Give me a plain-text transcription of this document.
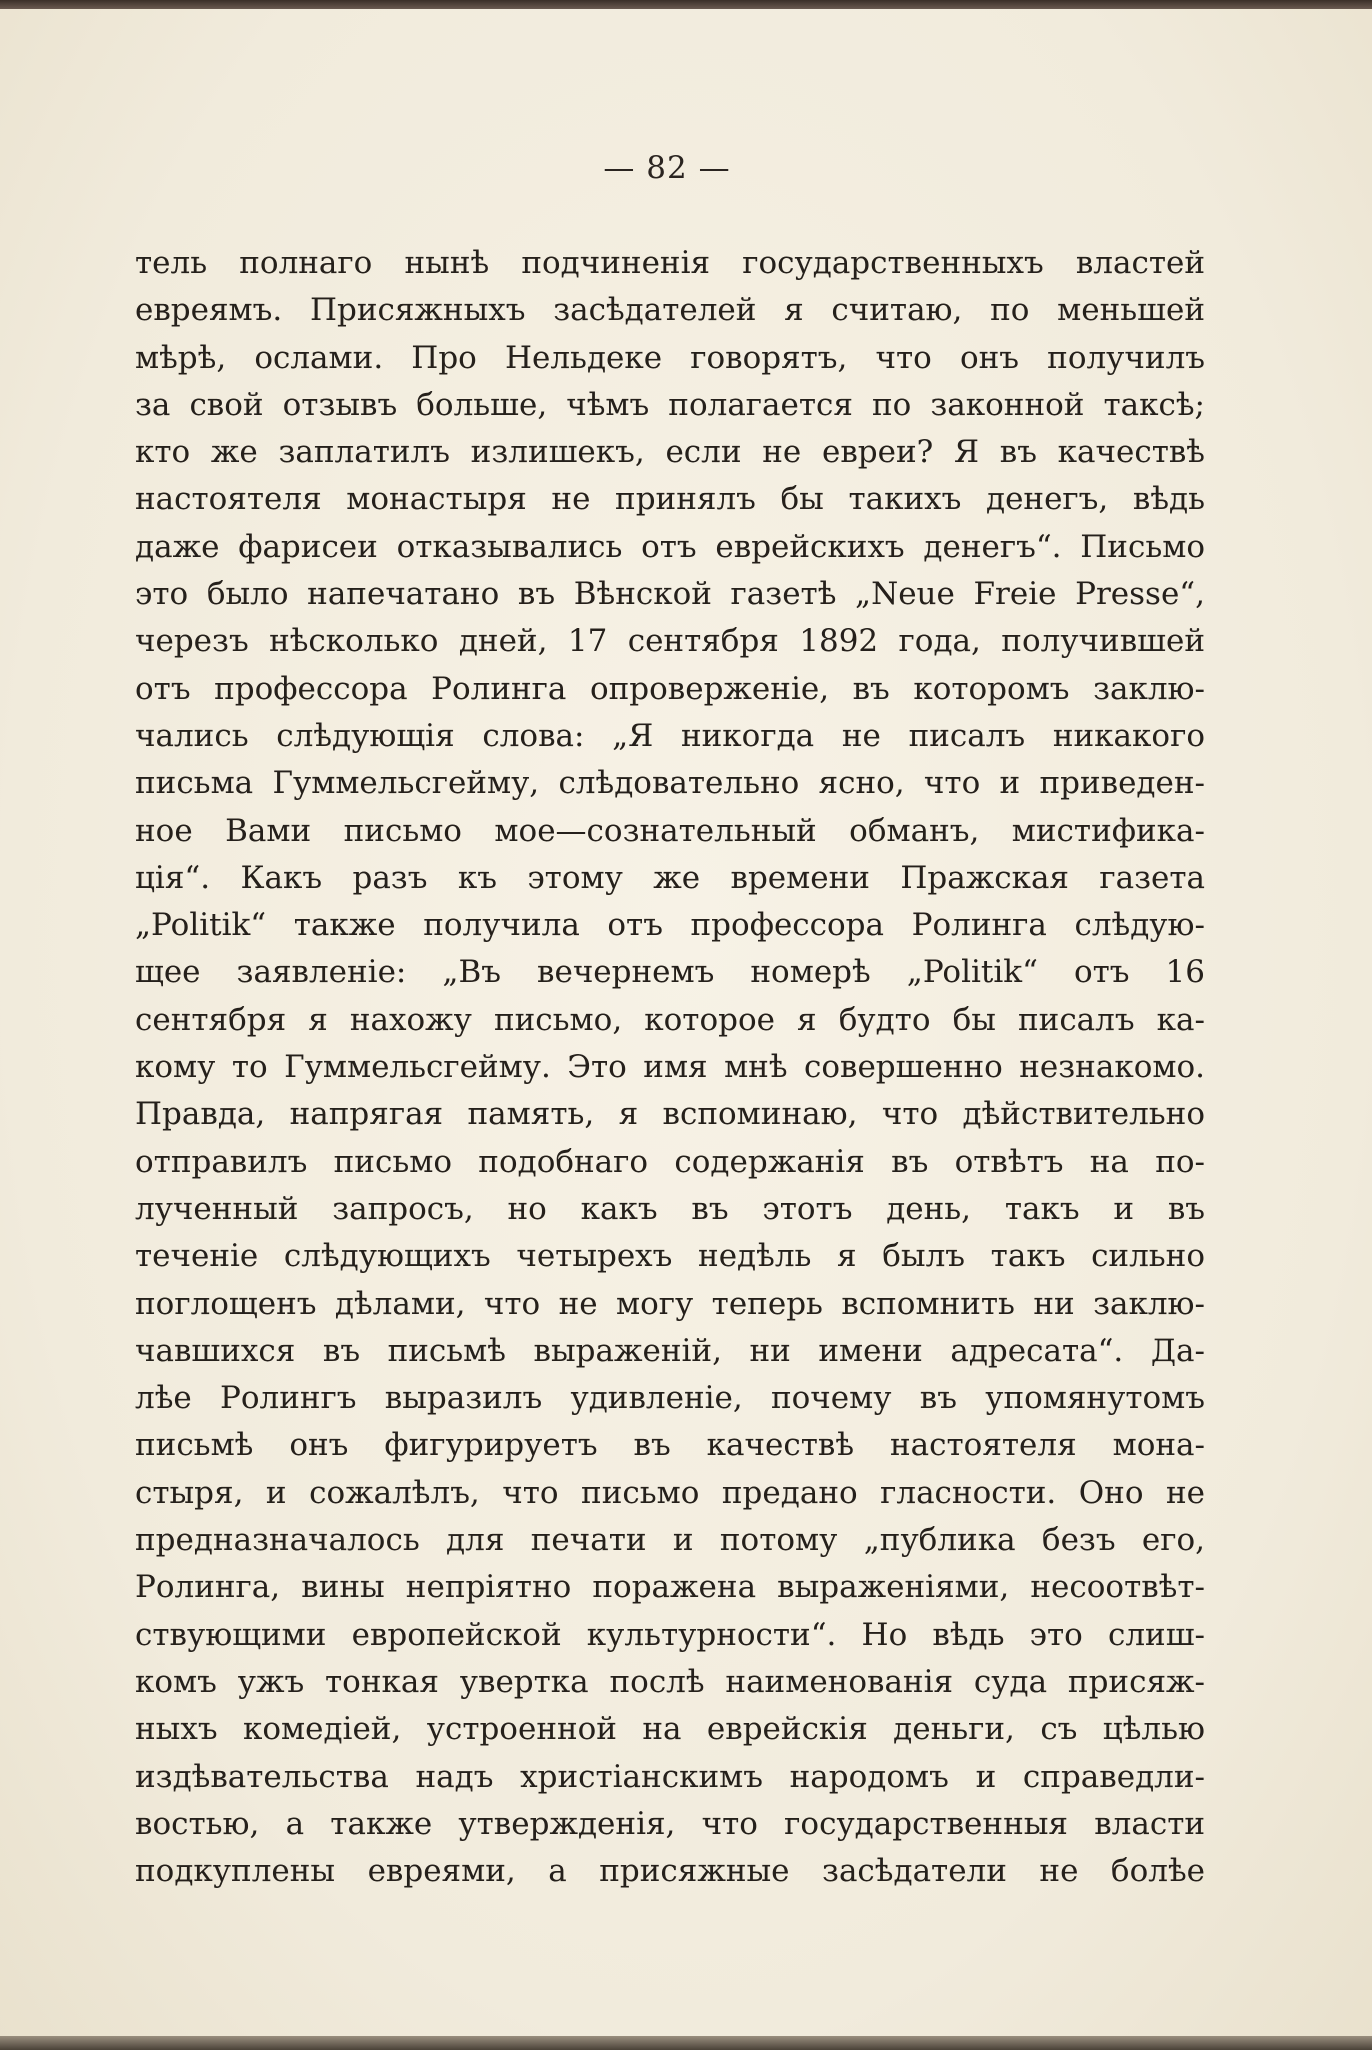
— 82 —
тель полнаго нынѣ подчиненія государственныхъ властей
евреямъ. Присяжныхъ засѣдателей я считаю, по меньшей
мѣрѣ, ослами. Про Нельдеке говорятъ, что онъ получилъ
за свой отзывъ больше, чѣмъ полагается по законной таксѣ;
кто же заплатилъ излишекъ, если не евреи? Я въ качествѣ
настоятеля монастыря не принялъ бы такихъ денегъ, вѣдь
даже фарисеи отказывались отъ еврейскихъ денегъ“. Письмо
это было напечатано въ Вѣнской газетѣ „Neue Freie Presse“,
черезъ нѣсколько дней, 17 сентября 1892 года, получившей
отъ профессора Ролинга опроверженіе, въ которомъ заклю-
чались слѣдующія слова: „Я никогда не писалъ никакого
письма Гуммельсгейму, слѣдовательно ясно, что и приведен-
ное Вами письмо мое—сознательный обманъ, мистифика-
ція“. Какъ разъ къ этому же времени Пражская газета
„Politik“ также получила отъ профессора Ролинга слѣдую-
щее заявленіе: „Въ вечернемъ номерѣ „Politik“ отъ 16
сентября я нахожу письмо, которое я будто бы писалъ ка-
кому то Гуммельсгейму. Это имя мнѣ совершенно незнакомо.
Правда, напрягая память, я вспоминаю, что дѣйствительно
отправилъ письмо подобнаго содержанія въ отвѣтъ на по-
лученный запросъ, но какъ въ этотъ день, такъ и въ
теченіе слѣдующихъ четырехъ недѣль я былъ такъ сильно
поглощенъ дѣлами, что не могу теперь вспомнить ни заклю-
чавшихся въ письмѣ выраженій, ни имени адресата“. Да-
лѣе Ролингъ выразилъ удивленіе, почему въ упомянутомъ
письмѣ онъ фигурируетъ въ качествѣ настоятеля мона-
стыря, и сожалѣлъ, что письмо предано гласности. Оно не
предназначалось для печати и потому „публика безъ его,
Ролинга, вины непріятно поражена выраженіями, несоотвѣт-
ствующими европейской культурности“. Но вѣдь это слиш-
комъ ужъ тонкая увертка послѣ наименованія суда присяж-
ныхъ комедіей, устроенной на еврейскія деньги, съ цѣлью
издѣвательства надъ христіанскимъ народомъ и справедли-
востью, а также утвержденія, что государственныя власти
подкуплены евреями, а присяжные засѣдатели не болѣе
